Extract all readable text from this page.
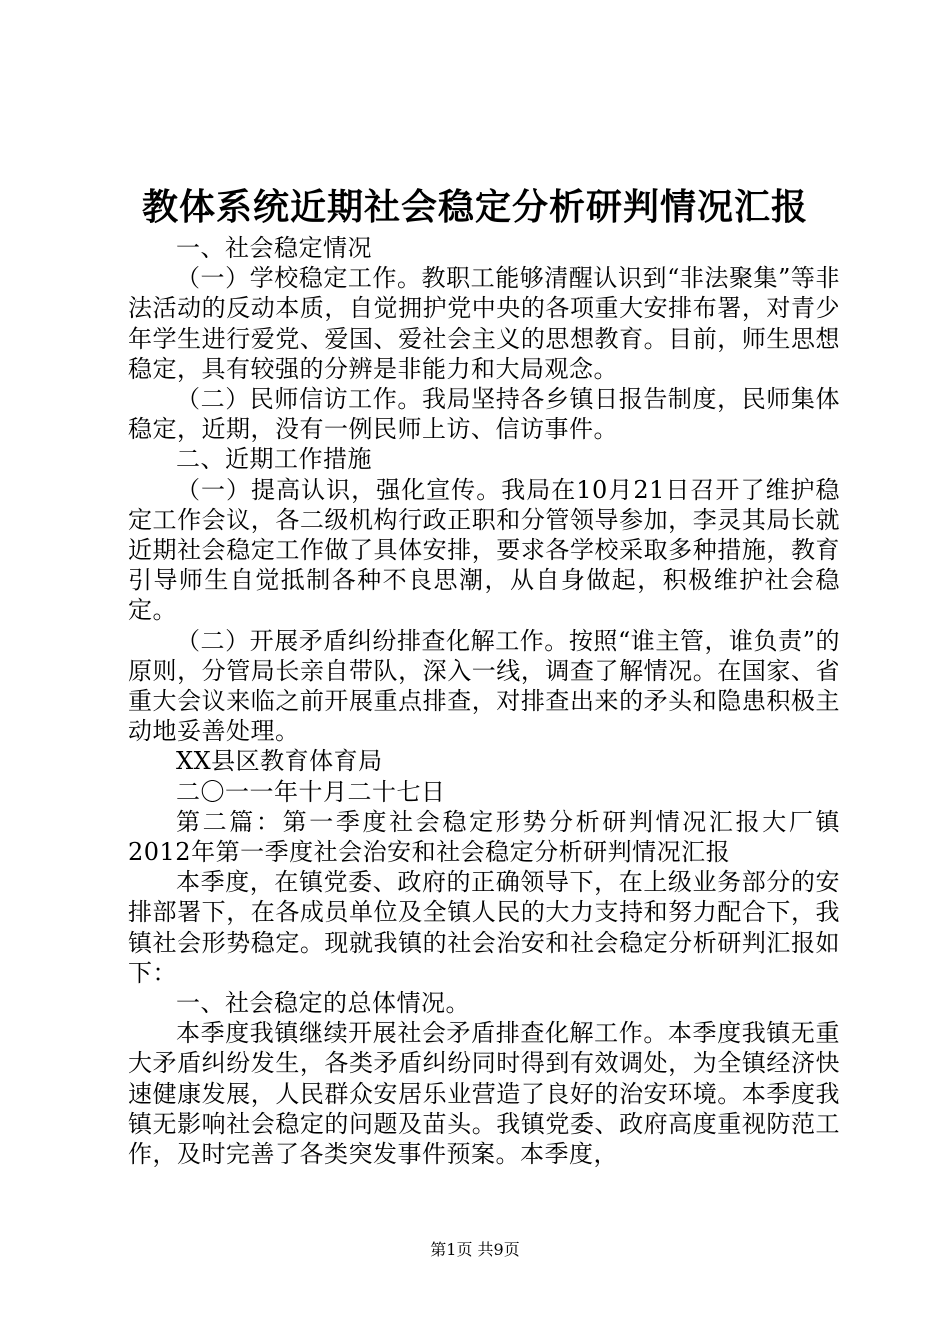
教体系统近期社会稳定分析研判情况汇报

一、社会稳定情况

（一）学校稳定工作。教职工能够清醒认识到“非法聚集”等非法活动的反动本质，自觉拥护党中央的各项重大安排布署，对青少年学生进行爱党、爱国、爱社会主义的思想教育。目前，师生思想稳定，具有较强的分辨是非能力和大局观念。

（二）民师信访工作。我局坚持各乡镇日报告制度，民师集体稳定，近期，没有一例民师上访、信访事件。

二、近期工作措施

（一）提高认识，强化宣传。我局在10月21日召开了维护稳定工作会议，各二级机构行政正职和分管领导参加，李灵其局长就近期社会稳定工作做了具体安排，要求各学校采取多种措施，教育引导师生自觉抵制各种不良思潮，从自身做起，积极维护社会稳定。

（二）开展矛盾纠纷排查化解工作。按照“谁主管，谁负责”的原则，分管局长亲自带队，深入一线，调查了解情况。在国家、省重大会议来临之前开展重点排查，对排查出来的矛头和隐患积极主动地妥善处理。

XX县区教育体育局

二〇一一年十月二十七日

第二篇：第一季度社会稳定形势分析研判情况汇报大厂镇2012年第一季度社会治安和社会稳定分析研判情况汇报

本季度，在镇党委、政府的正确领导下，在上级业务部分的安排部署下，在各成员单位及全镇人民的大力支持和努力配合下，我镇社会形势稳定。现就我镇的社会治安和社会稳定分析研判汇报如下：

一、社会稳定的总体情况。

本季度我镇继续开展社会矛盾排查化解工作。本季度我镇无重大矛盾纠纷发生，各类矛盾纠纷同时得到有效调处，为全镇经济快速健康发展，人民群众安居乐业营造了良好的治安环境。本季度我镇无影响社会稳定的问题及苗头。我镇党委、政府高度重视防范工作，及时完善了各类突发事件预案。本季度，

第1页 共9页
